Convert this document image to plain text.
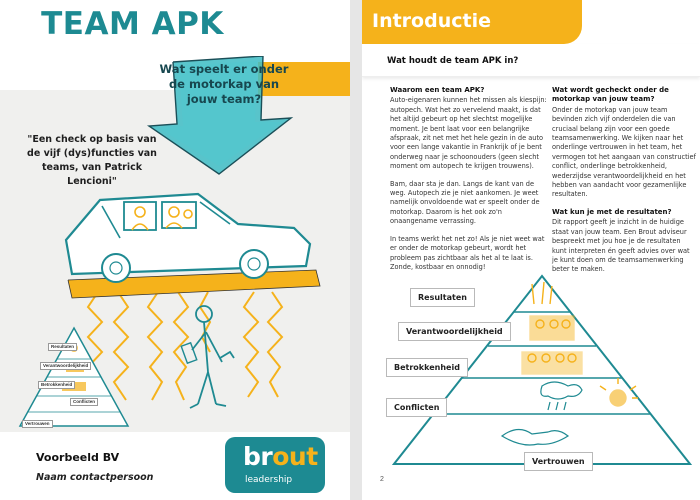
TEAM APK
Wat speelt er onder de motorkap van jouw team?
"Een check op basis van de vijf (dys)functies van teams, van Patrick Lencioni"
Resultaten
Verantwoordelijkheid
Betrokkenheid
Conflicten
Vertrouwen
Voorbeeld BV
Naam contactpersoon
brout
leadership
Introductie
Wat houdt de team APK in?
Waarom een team APK?

Auto-eigenaren kunnen het missen als kiespijn: autopech. Wat het zo vervelend maakt, is dat het altijd gebeurt op het slechtst mogelijke moment. Je bent laat voor een belangrijke afspraak, zit net met het hele gezin in de auto voor een lange vakantie in Frankrijk of je bent onderweg naar je schoonouders (geen slecht moment om autopech te krijgen trouwens).

Bam, daar sta je dan. Langs de kant van de weg. Autopech zie je niet aankomen. Je weet namelijk onvoldoende wat er speelt onder de motorkap. Daarom is het ook zo'n onaangename verrassing.

In teams werkt het net zo! Als je niet weet wat er onder de motorkap gebeurt, wordt het probleem pas zichtbaar als het al te laat is. Zonde, kostbaar en onnodig!

Wat wordt gecheckt onder de motorkap van jouw team?

Onder de motorkap van jouw team bevinden zich vijf onderdelen die van cruciaal belang zijn voor een goede teamsamenwerking. We kijken naar het onderlinge vertrouwen in het team, het vermogen tot het aangaan van constructief conflict, onderlinge betrokkenheid, wederzijdse verantwoordelijkheid en het hebben van aandacht voor gezamenlijke resultaten.

Wat kun je met de resultaten?

Dit rapport geeft je inzicht in de huidige staat van jouw team. Een Brout adviseur bespreekt met jou hoe je de resultaten kunt interpreten én geeft advies over wat je kunt doen om de teamsamenwerking beter te maken.

Resultaten
Verantwoordelijkheid
Betrokkenheid
Conflicten
Vertrouwen
2
